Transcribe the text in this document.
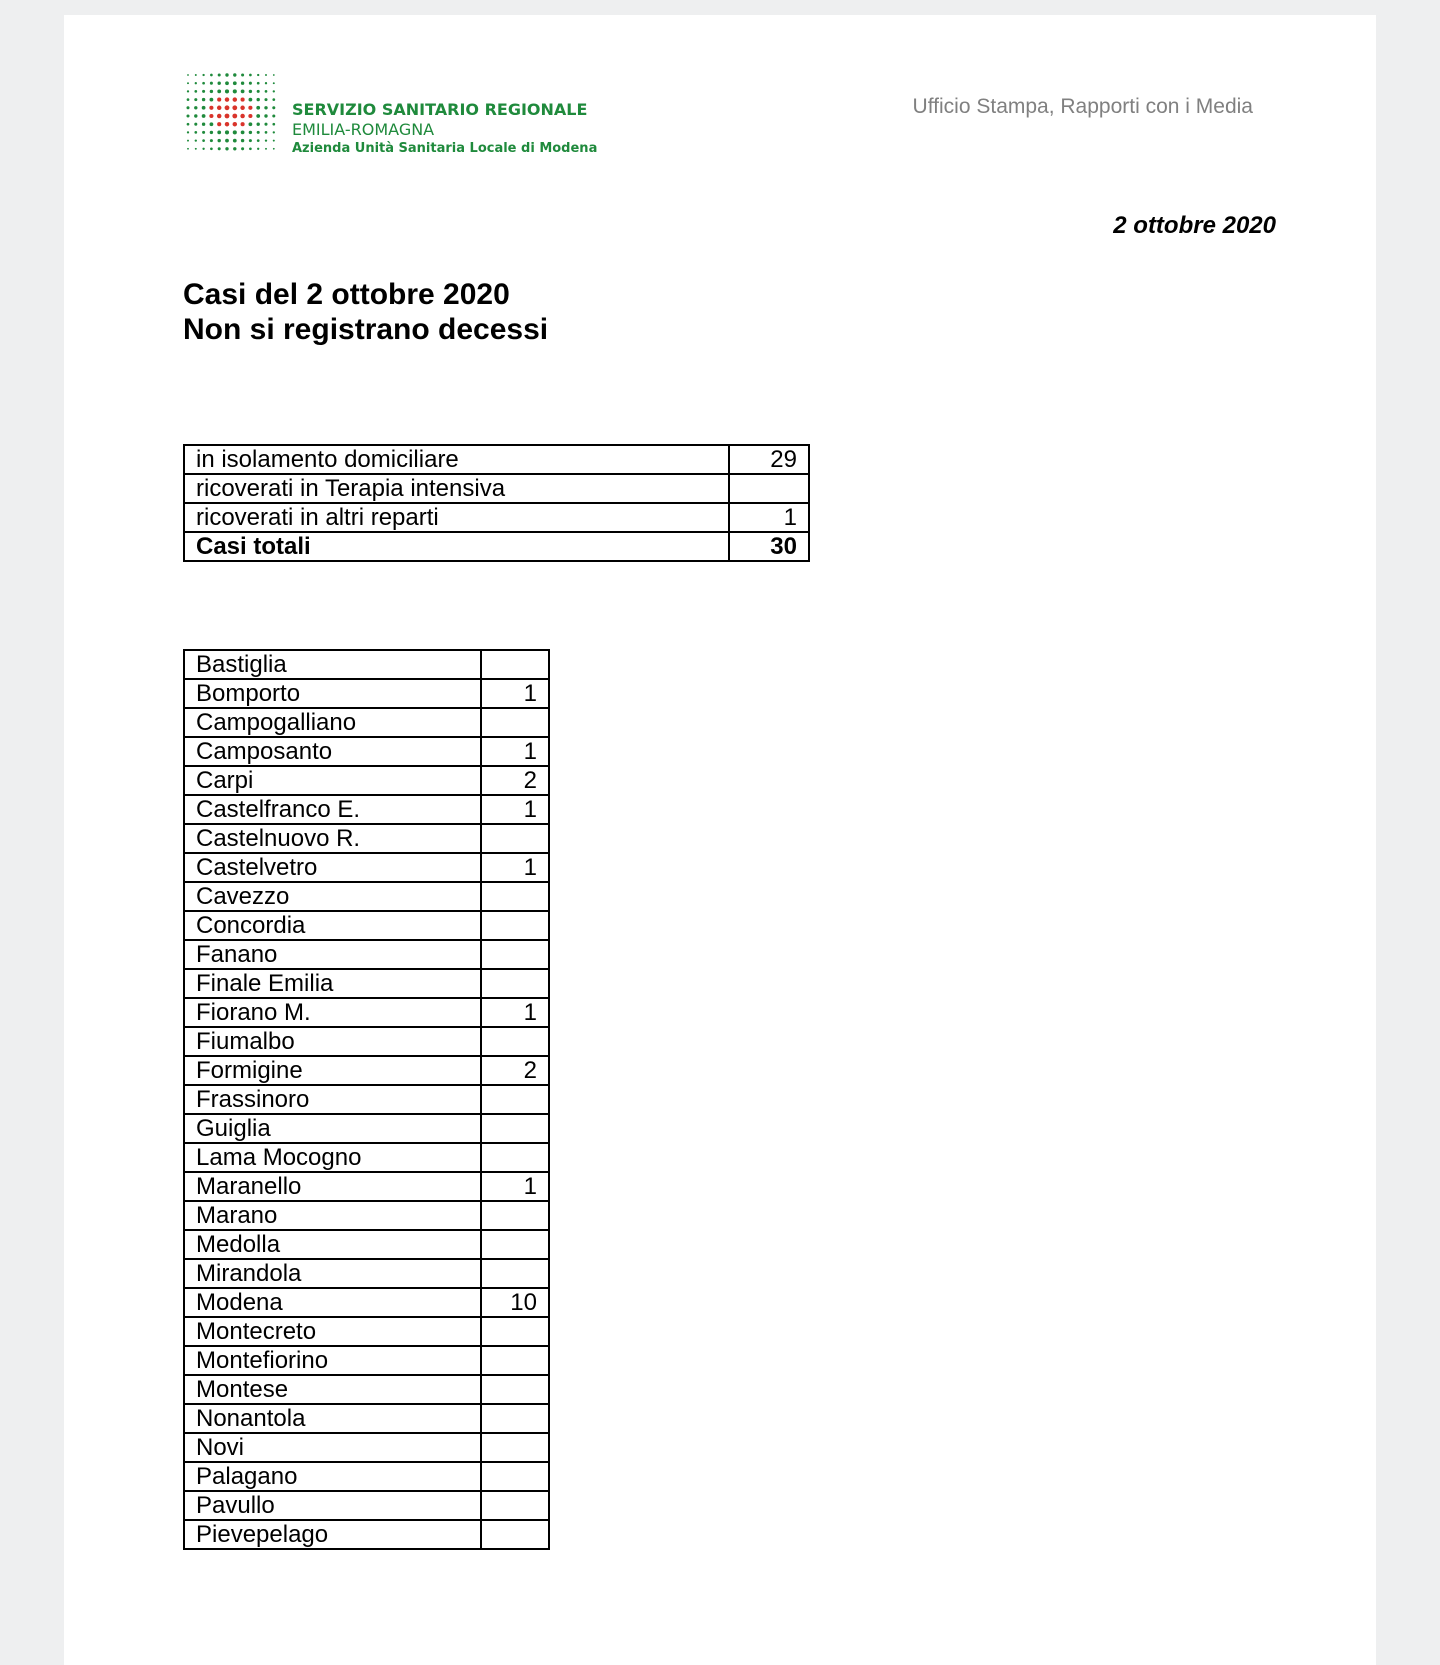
SERVIZIO SANITARIO REGIONALE
EMILIA-ROMAGNA
Azienda Unità Sanitaria Locale di Modena
Ufficio Stampa, Rapporti con i Media
2 ottobre 2020
Casi del 2 ottobre 2020
Non si registrano decessi
in isolamento domiciliare	29
ricoverati in Terapia intensiva	
ricoverati in altri reparti	1
Casi totali	30
Bastiglia	
Bomporto	1
Campogalliano	
Camposanto	1
Carpi	2
Castelfranco E.	1
Castelnuovo R.	
Castelvetro	1
Cavezzo	
Concordia	
Fanano	
Finale Emilia	
Fiorano M.	1
Fiumalbo	
Formigine	2
Frassinoro	
Guiglia	
Lama Mocogno	
Maranello	1
Marano	
Medolla	
Mirandola	
Modena	10
Montecreto	
Montefiorino	
Montese	
Nonantola	
Novi	
Palagano	
Pavullo	
Pievepelago	
